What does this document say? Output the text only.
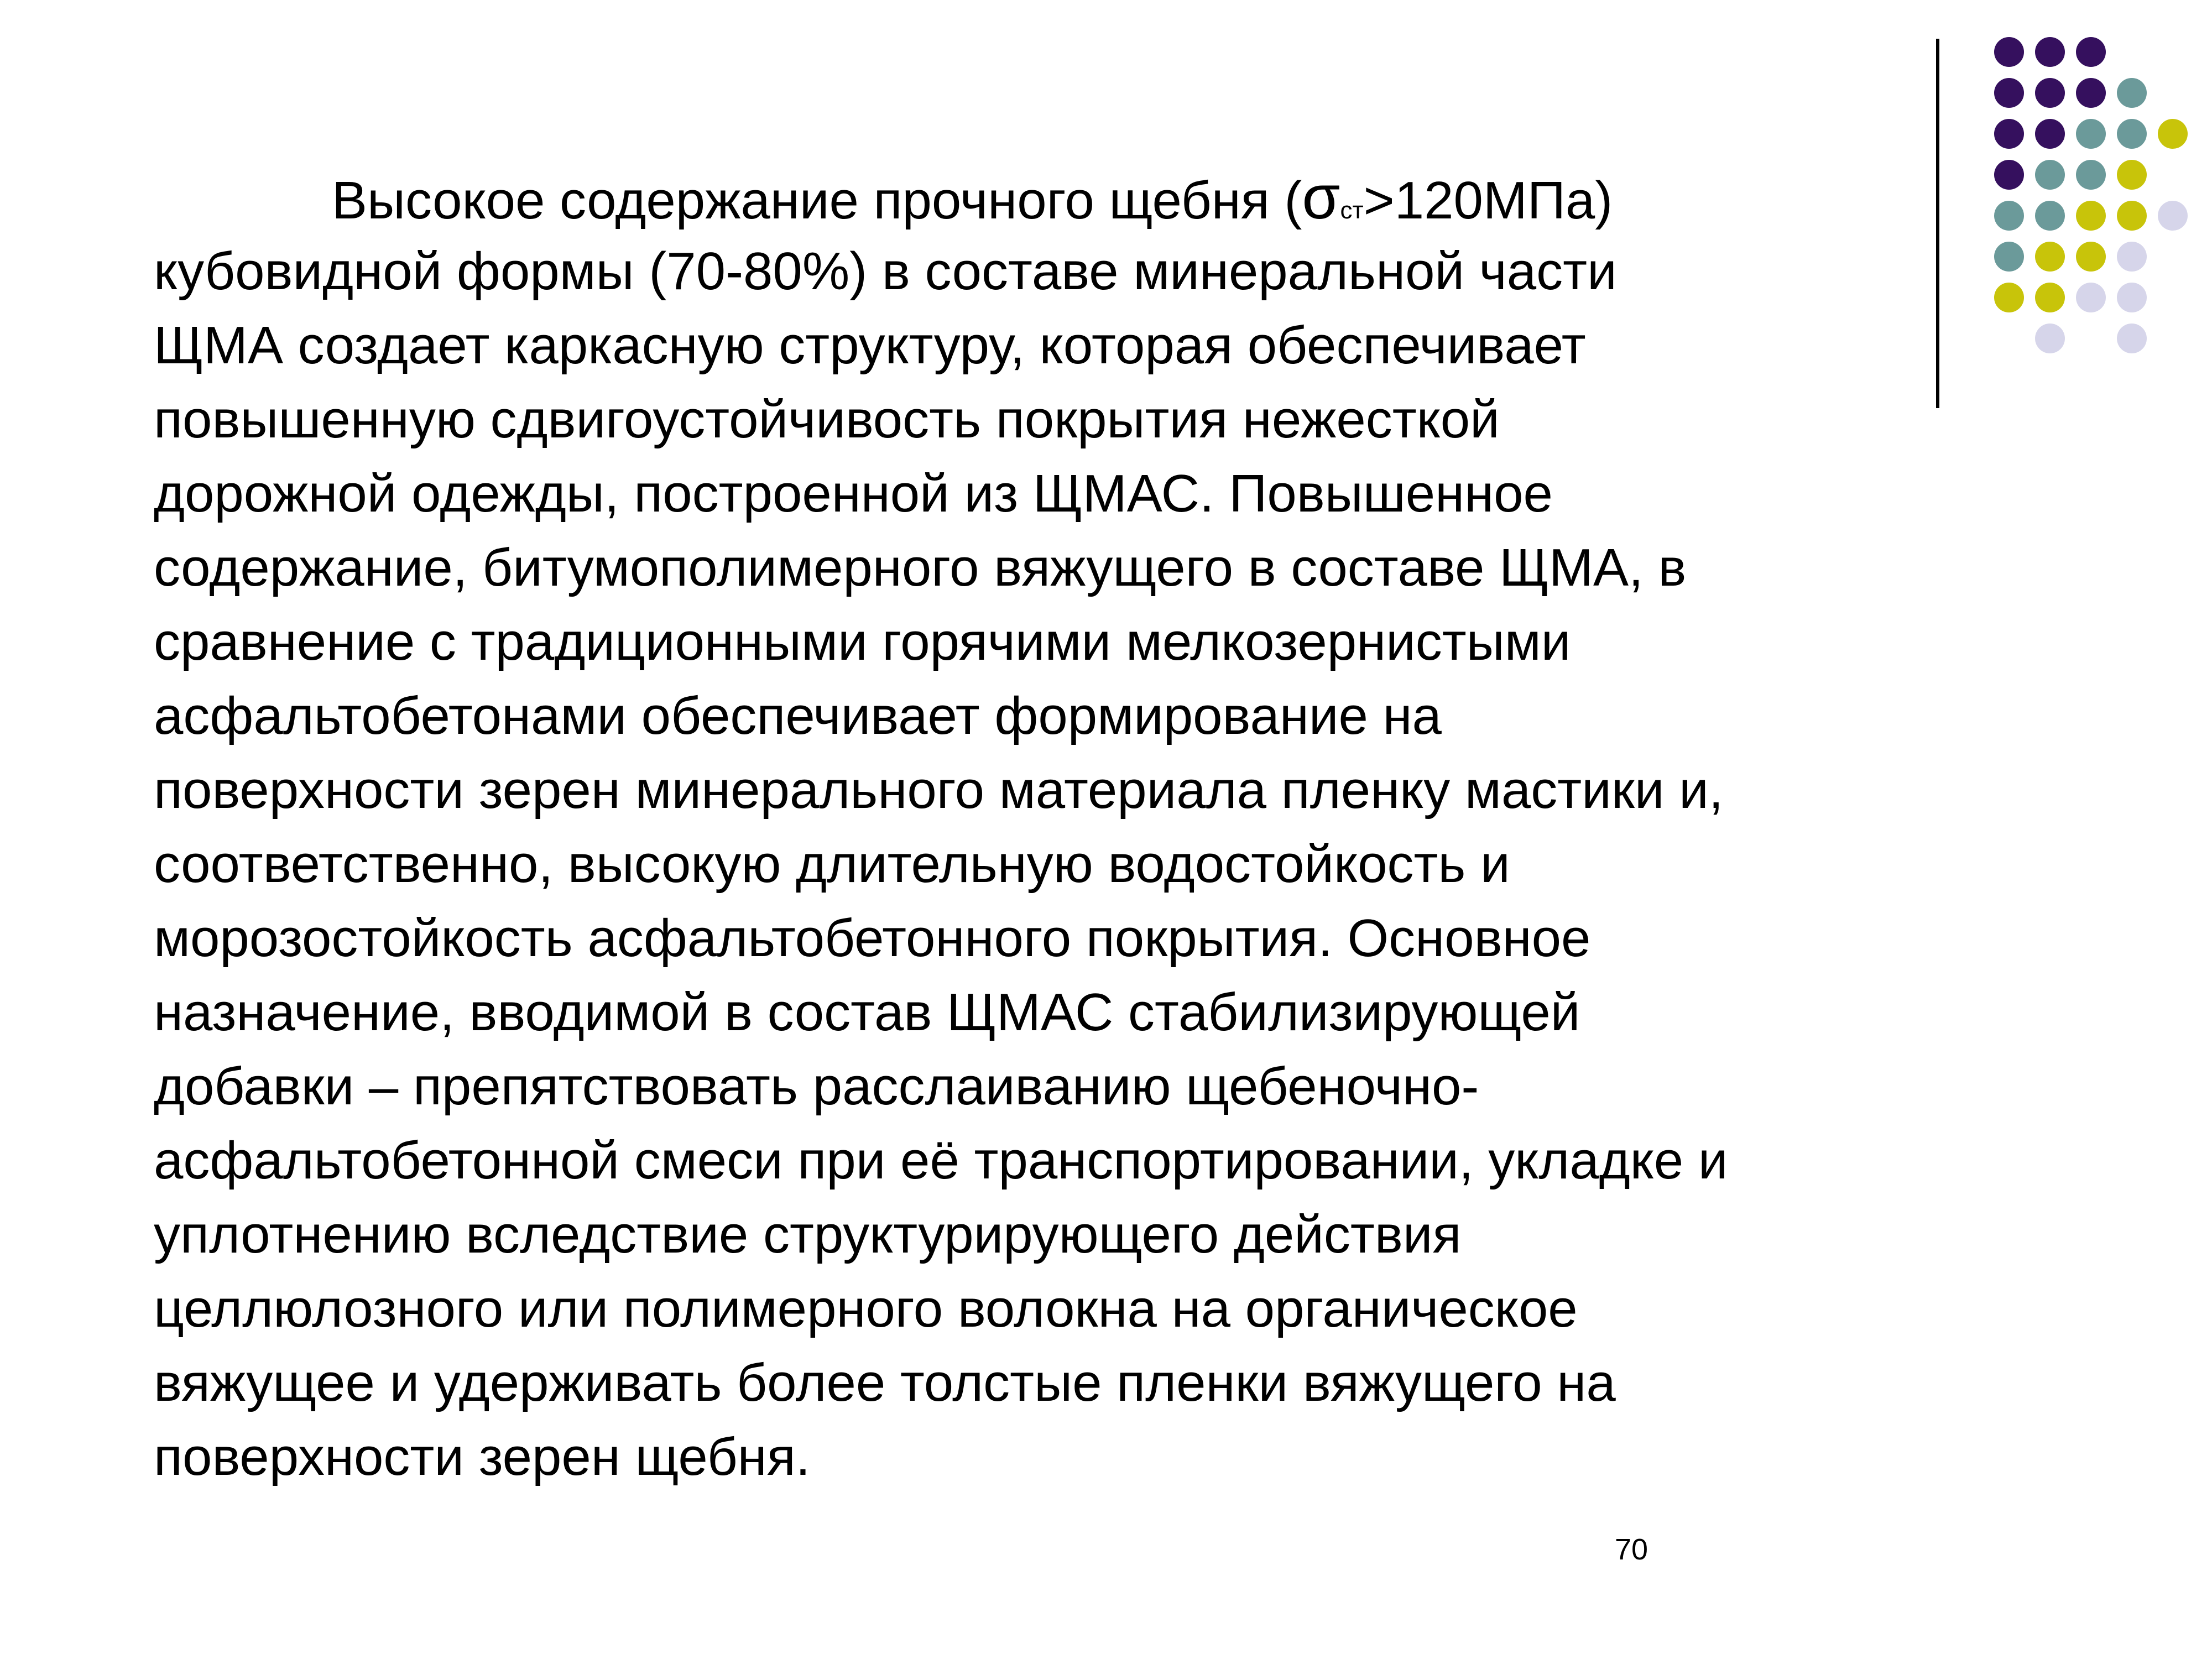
Высокое содержание прочного щебня (σст>120МПа)
кубовидной формы (70-80%) в составе минеральной части
ЩМА создает каркасную структуру, которая обеспечивает
повышенную сдвигоустойчивость покрытия нежесткой
дорожной одежды, построенной из ЩМАС. Повышенное
содержание, битумополимерного вяжущего в составе ЩМА, в
сравнение с традиционными горячими мелкозернистыми
асфальтобетонами обеспечивает формирование на
поверхности зерен минерального материала пленку мастики и,
соответственно, высокую длительную водостойкость и
морозостойкость асфальтобетонного покрытия. Основное
назначение, вводимой в состав ЩМАС стабилизирующей
добавки – препятствовать расслаиванию щебеночно-
асфальтобетонной смеси при её транспортировании, укладке и
уплотнению вследствие структурирующего действия
целлюлозного или полимерного волокна на органическое
вяжущее и удерживать более толстые пленки вяжущего на
поверхности зерен щебня.
70
